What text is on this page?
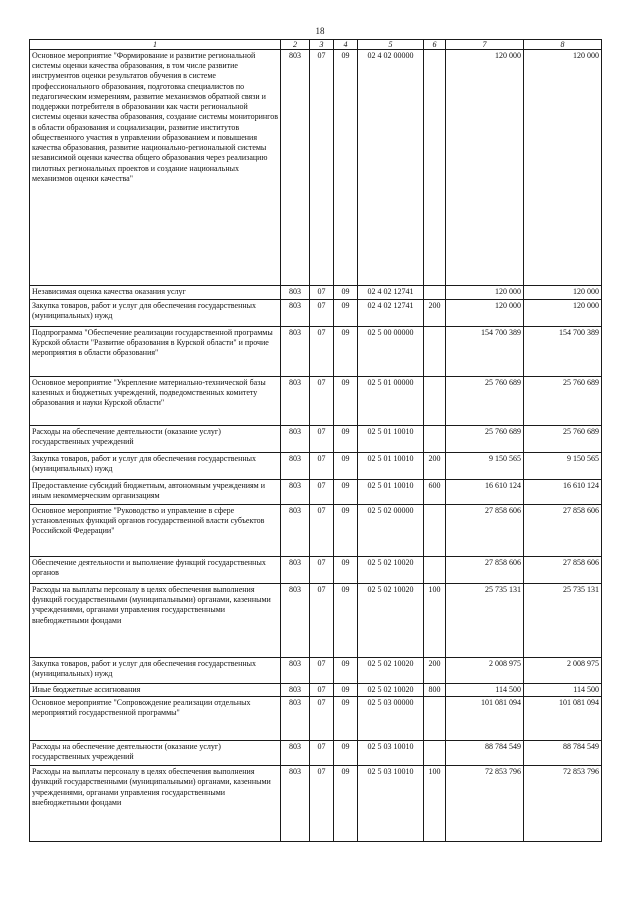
18
1	2	3	4	5	6	7	8
Основное мероприятие "Формирование и развитие региональной системы оценки качества образования, в том числе развитие инструментов оценки результатов обучения в системе профессионального образования, подготовка специалистов по педагогическим измерениям, развитие механизмов обратной связи и поддержки потребителя в образовании как части региональной системы оценки качества образования, создание системы мониторингов в области образования и социализации, развитие институтов общественного участия в управлении образованием и повышения качества образования, развитие национально-региональной системы независимой оценки качества общего образования через реализацию пилотных региональных проектов и создание национальных механизмов оценки качества"	803	07	09	02 4 02 00000		120 000	120 000
Независимая оценка качества оказания услуг	803	07	09	02 4 02 12741		120 000	120 000
Закупка товаров, работ и услуг для обеспечения государственных (муниципальных) нужд	803	07	09	02 4 02 12741	200	120 000	120 000
Подпрограмма "Обеспечение реализации государственной программы Курской области "Развитие образования в Курской области" и прочие мероприятия в области образования"	803	07	09	02 5 00 00000		154 700 389	154 700 389
Основное мероприятие "Укрепление материально-технической базы казенных и бюджетных учреждений, подведомственных комитету образования и науки Курской области"	803	07	09	02 5 01 00000		25 760 689	25 760 689
Расходы на обеспечение деятельности (оказание услуг) государственных учреждений	803	07	09	02 5 01 10010		25 760 689	25 760 689
Закупка товаров, работ и услуг для обеспечения государственных (муниципальных) нужд	803	07	09	02 5 01 10010	200	9 150 565	9 150 565
Предоставление субсидий бюджетным, автономным учреждениям и иным некоммерческим организациям	803	07	09	02 5 01 10010	600	16 610 124	16 610 124
Основное мероприятие "Руководство и управление в сфере установленных функций органов государственной власти субъектов Российской Федерации"	803	07	09	02 5 02 00000		27 858 606	27 858 606
Обеспечение деятельности и выполнение функций государственных органов	803	07	09	02 5 02 10020		27 858 606	27 858 606
Расходы на выплаты персоналу в целях обеспечения выполнения функций государственными (муниципальными) органами, казенными учреждениями, органами управления государственными внебюджетными фондами	803	07	09	02 5 02 10020	100	25 735 131	25 735 131
Закупка товаров, работ и услуг для обеспечения государственных (муниципальных) нужд	803	07	09	02 5 02 10020	200	2 008 975	2 008 975
Иные бюджетные ассигнования	803	07	09	02 5 02 10020	800	114 500	114 500
Основное мероприятие "Сопровождение реализации отдельных мероприятий государственной программы"	803	07	09	02 5 03 00000		101 081 094	101 081 094
Расходы на обеспечение деятельности (оказание услуг) государственных учреждений	803	07	09	02 5 03 10010		88 784 549	88 784 549
Расходы на выплаты персоналу в целях обеспечения выполнения функций государственными (муниципальными) органами, казенными учреждениями, органами управления государственными внебюджетными фондами	803	07	09	02 5 03 10010	100	72 853 796	72 853 796
